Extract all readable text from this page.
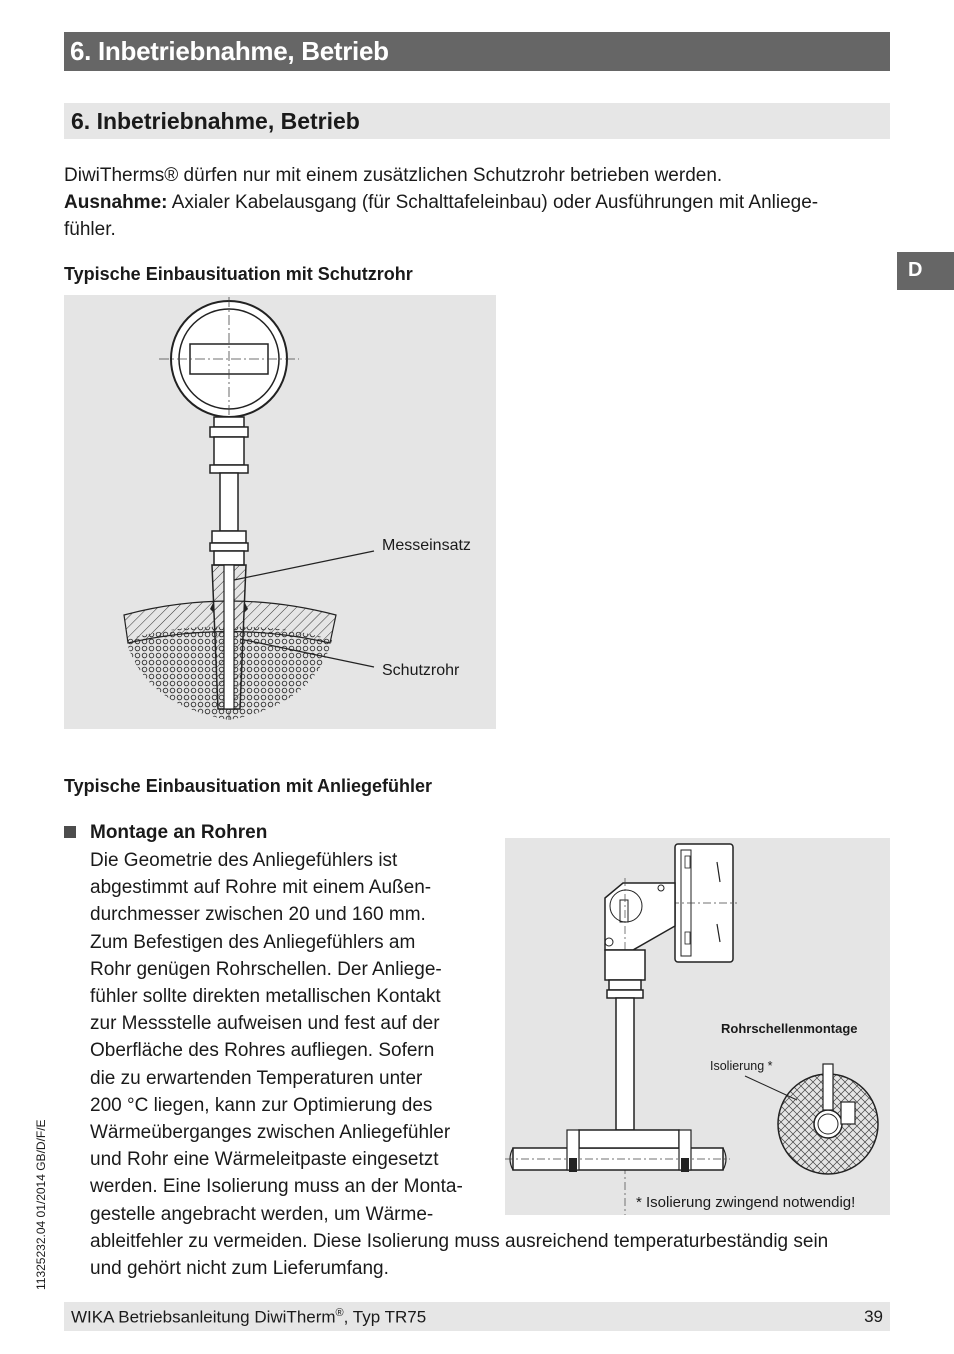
6. Inbetriebnahme, Betrieb
6. Inbetriebnahme, Betrieb
D
DiwiTherms® dürfen nur mit einem zusätzlichen Schutzrohr betrieben werden.
Ausnahme: Axialer Kabelausgang (für Schalttafeleinbau) oder Ausführungen mit Anliege-
fühler.
Typische Einbausituation mit Schutzrohr
Messeinsatz
Schutzrohr
Typische Einbausituation mit Anliegefühler
Montage an Rohren
Die Geometrie des Anliegefühlers ist
abgestimmt auf Rohre mit einem Außen-
durchmesser zwischen 20 und 160 mm.
Zum Befestigen des Anliegefühlers am
Rohr genügen Rohrschellen. Der Anliege-
fühler sollte direkten metallischen Kontakt
zur Messstelle aufweisen und fest auf der
Oberfläche des Rohres aufliegen. Sofern
die zu erwartenden Temperaturen unter
200 °C liegen, kann zur Optimierung des
Wärmeüberganges zwischen Anliegefühler
und Rohr eine Wärmeleitpaste eingesetzt
werden. Eine Isolierung muss an der Monta-
gestelle angebracht werden, um Wärme-
ableitfehler zu vermeiden. Diese Isolierung muss ausreichend temperaturbeständig sein
und gehört nicht zum Lieferumfang.
Rohrschellenmontage
Isolierung *
* Isolierung zwingend notwendig!
11325232.04 01/2014 GB/D/F/E
WIKA Betriebsanleitung DiwiTherm®, Typ TR75	39
